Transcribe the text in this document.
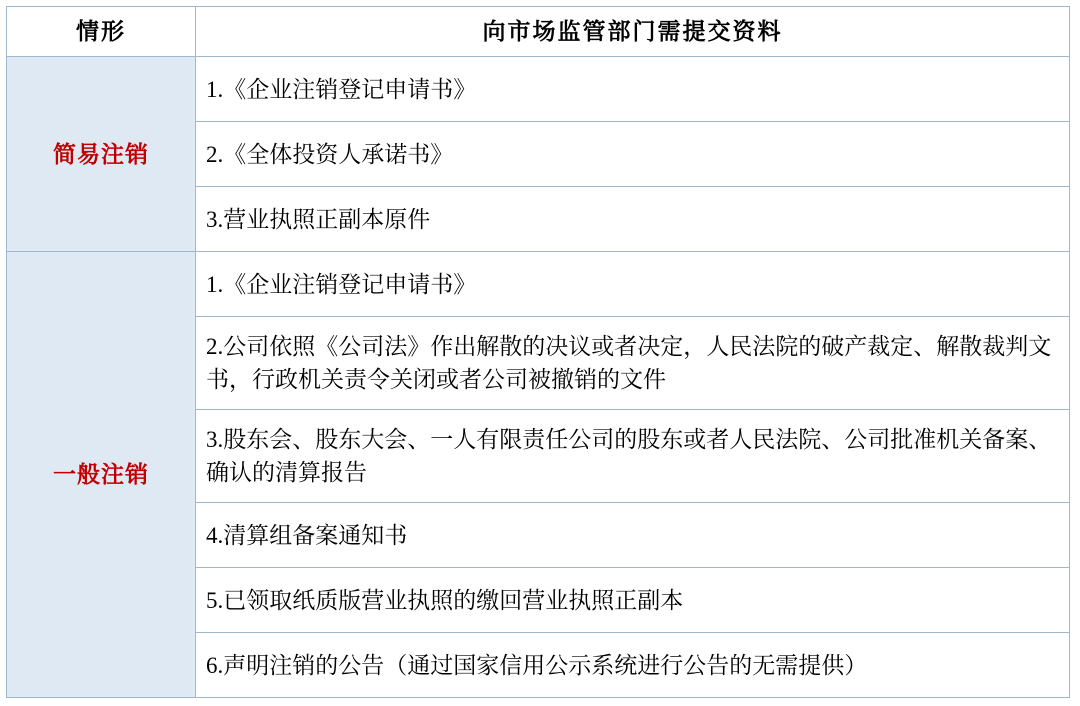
情形	向市场监管部门需提交资料
简易注销	1.《企业注销登记申请书》
	2.《全体投资人承诺书》
	3.营业执照正副本原件
一般注销	1.《企业注销登记申请书》
	2.公司依照《公司法》作出解散的决议或者决定，人民法院的破产裁定、解散裁判文书，行政机关责令关闭或者公司被撤销的文件
	3.股东会、股东大会、一人有限责任公司的股东或者人民法院、公司批准机关备案、确认的清算报告
	4.清算组备案通知书
	5.已领取纸质版营业执照的缴回营业执照正副本
	6.声明注销的公告（通过国家信用公示系统进行公告的无需提供）
